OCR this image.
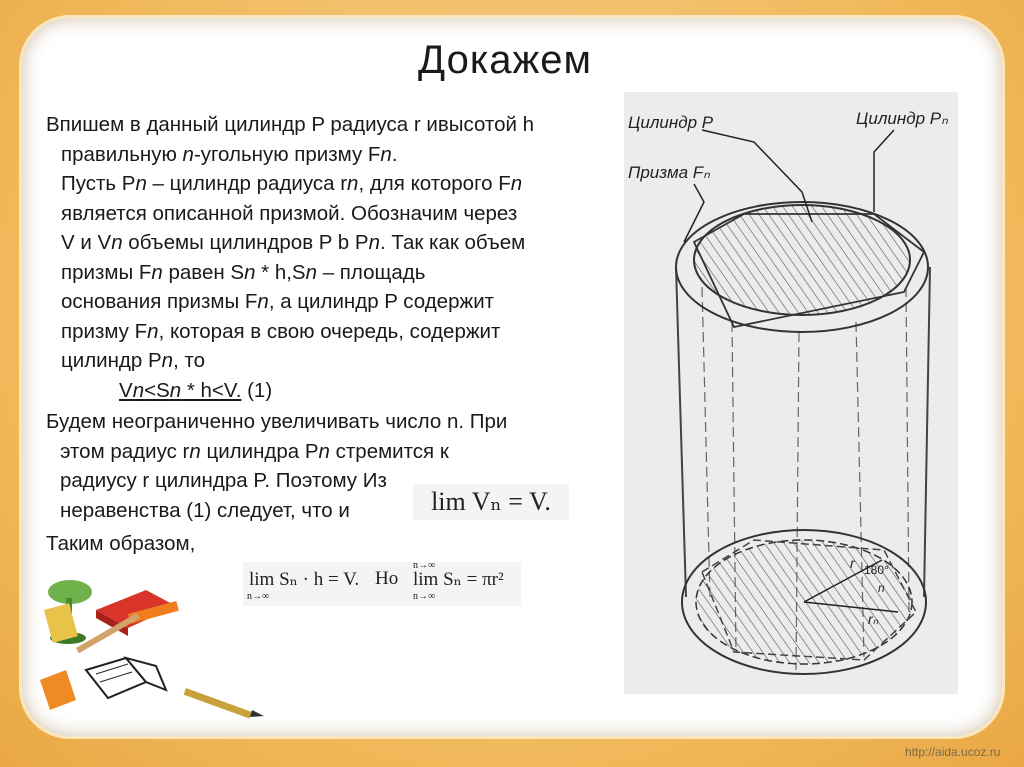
Докажем

Впишем в данный цилиндр P радиуса r ивысотой h правильную n-угольную призму Fn.
Пусть Pn – цилиндр радиуса rn, для которого Fn
является описанной призмой. Обозначим через
V и Vn объемы цилиндров P b Pn. Так как объем
призмы Fn равен Sn * h,Sn – площадь
основания призмы Fn, а цилиндр P содержит
призму Fn, которая в свою очередь, содержит
цилиндр Pn, то

Vn<Sn * h<V. (1)

Будем неограниченно увеличивать число n. При
этом радиус rn цилиндра Pn стремится к
радиусу r цилиндра P. Поэтому Из
неравенства (1) следует, что и

Таким образом,

lim Vₙ = V.
lim Sₙ · h = V.
n→∞
Но
n→∞
lim Sₙ = πr²
n→∞
Цилиндр P
Призма Fₙ
Цилиндр Pₙ
180°
n
r
rₙ
http://aida.ucoz.ru
